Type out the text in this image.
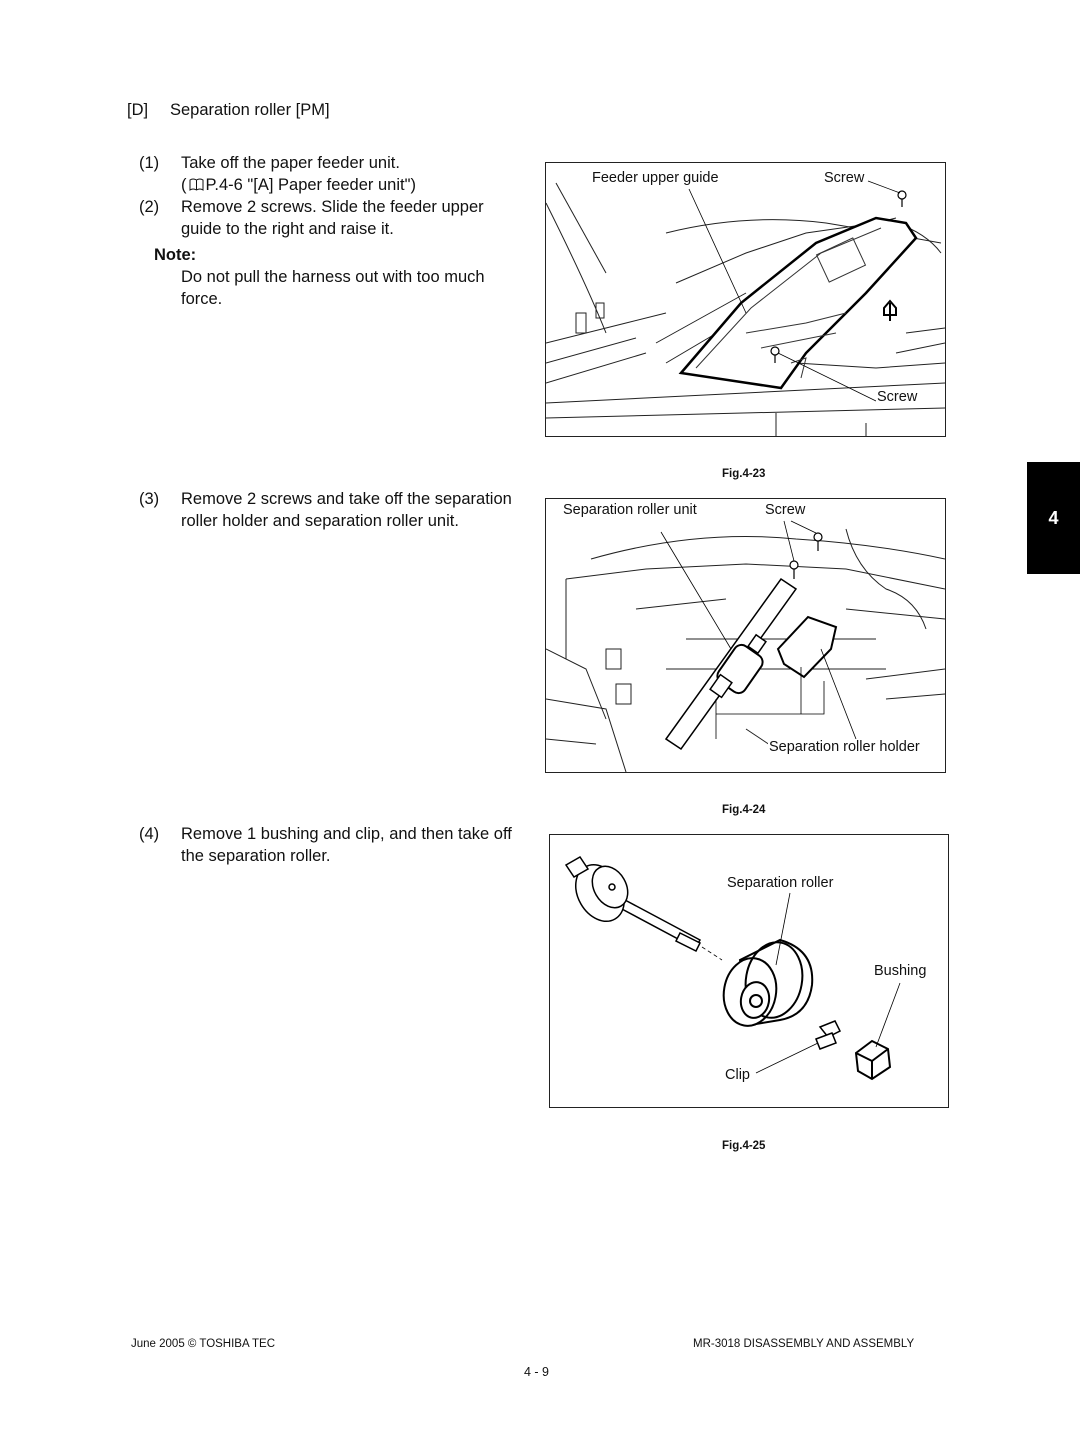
[D] Separation roller [PM]
(1) Take off the paper feeder unit.
( P.4-6 "[A] Paper feeder unit")
(2) Remove 2 screws. Slide the feeder upper
guide to the right and raise it.
Note:
Do not pull the harness out with too much
force.
(3) Remove 2 screws and take off the separation
roller holder and separation roller unit.
(4) Remove 1 bushing and clip, and then take off
the separation roller.
Feeder upper guide	Screw
Screw
Fig.4-23
Separation roller unit	Screw
Separation roller holder
Fig.4-24
Separation roller
Bushing
Clip
Fig.4-25
4
June 2005 © TOSHIBA TEC	MR-3018 DISASSEMBLY AND ASSEMBLY
4 - 9
